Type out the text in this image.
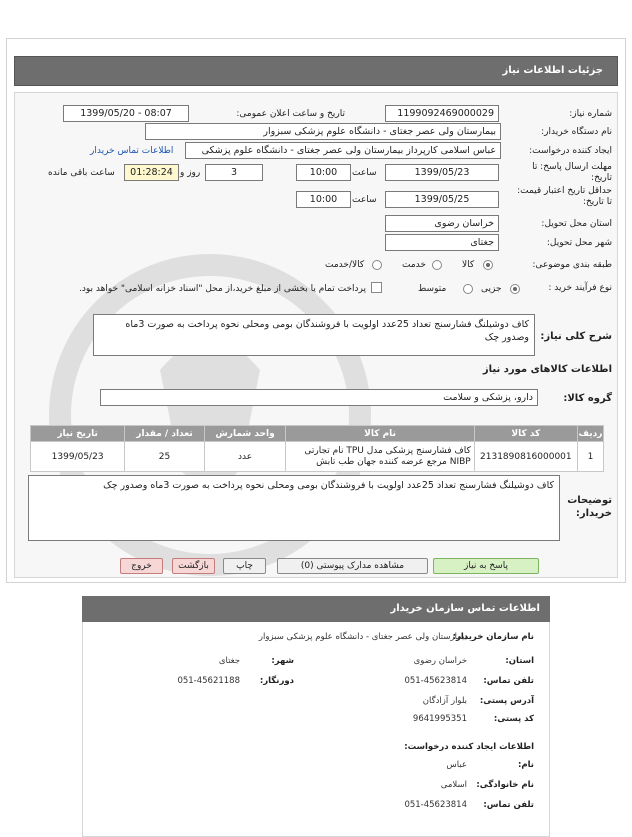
جزئیات اطلاعات نیاز
شماره نیاز:
1199092469000029
تاریخ و ساعت اعلان عمومی:
1399/05/20 - 08:07
نام دستگاه خریدار:
بیمارستان ولی عصر جغتای - دانشگاه علوم پزشکی سبزوار
ایجاد کننده درخواست:
عباس اسلامی کارپرداز بیمارستان ولی عصر جغتای - دانشگاه علوم پزشکی
اطلاعات تماس خریدار
مهلت ارسال پاسخ: تا تاریخ:
1399/05/23
ساعت
10:00
3
روز و
01:28:24
ساعت باقی مانده
حداقل تاریخ اعتبار قیمت: تا تاریخ:
1399/05/25
ساعت
10:00
استان محل تحویل:
خراسان رضوی
شهر محل تحویل:
جغتای
طبقه بندی موضوعی:
کالا
خدمت
کالا/خدمت
نوع فرآیند خرید :
جزیی
متوسط
پرداخت تمام یا بخشی از مبلغ خرید،از محل "اسناد خزانه اسلامی" خواهد بود.
شرح کلی نیاز:
کاف دوشیلنگ فشارسنج تعداد 25عدد اولویت با فروشندگان بومی ومحلی نحوه پرداخت به صورت 3ماه وصدور چک
اطلاعات کالاهای مورد نیاز
گروه کالا:
دارو، پزشکی و سلامت
ردیف	کد کالا	نام کالا	واحد شمارش	تعداد / مقدار	تاریخ نیاز
1	2131890816000001	کاف فشارسنج پزشکی مدل TPU نام تجارتی NIBP مرجع عرضه کننده جهان طب تابش	عدد	25	1399/05/23
توضیحات خریدار:
کاف دوشیلنگ فشارسنج تعداد 25عدد اولویت با فروشندگان بومی ومحلی نحوه پرداخت به صورت 3ماه وصدور چک
پاسخ به نیاز
مشاهده مدارک پیوستی (0)
چاپ
بازگشت
خروج
اطلاعات تماس سازمان خریدار
نام سازمان خریدار:
بیمارستان ولی عصر جغتای - دانشگاه علوم پزشکی سبزوار
استان:
خراسان رضوی
شهر:
جغتای
تلفن تماس:
051-45623814
دورنگار:
051-45621188
آدرس پستی:
بلوار آزادگان
کد پستی:
9641995351
اطلاعات ایجاد کننده درخواست:
نام:
عباس
نام خانوادگی:
اسلامی
تلفن تماس:
051-45623814
